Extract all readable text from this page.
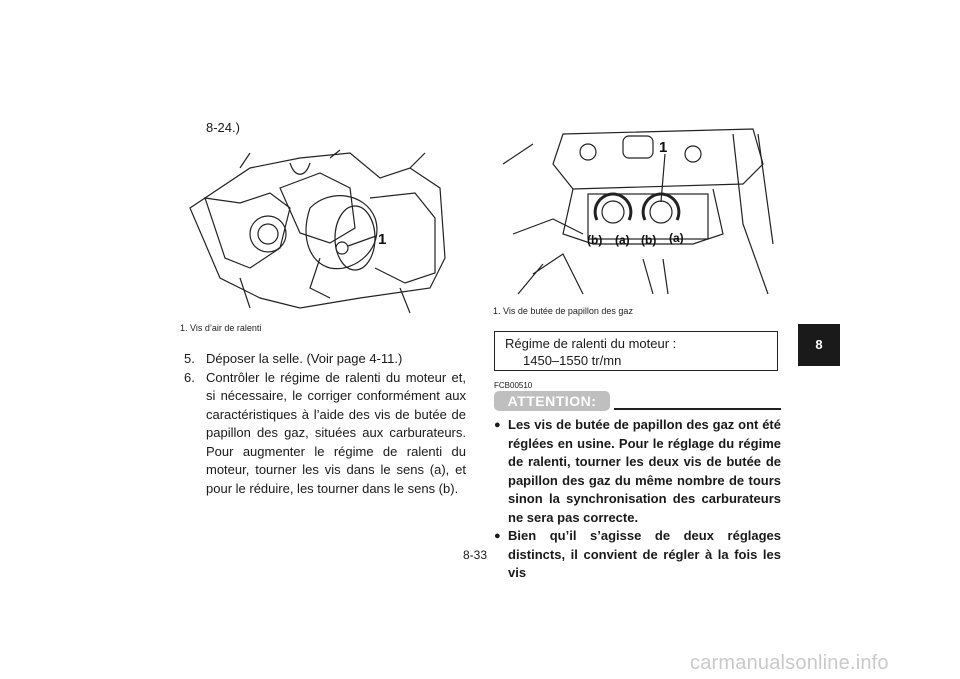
8-24.)
1
1. Vis d’air de ralenti
5. Déposer la selle. (Voir page 4-11.)
6. Contrôler le régime de ralenti du moteur et, si nécessaire, le corriger conformément aux caractéristiques à l’aide des vis de butée de papillon des gaz, situées aux carburateurs. Pour augmenter le régime de ralenti du moteur, tourner les vis dans le sens (a), et pour le réduire, les tourner dans le sens (b).
1
(b) (a) (b) (a)
1. Vis de butée de papillon des gaz
Régime de ralenti du moteur :
1450–1550 tr/mn
FCB00510
ATTENTION:
● Les vis de butée de papillon des gaz ont été réglées en usine. Pour le réglage du régime de ralenti, tourner les deux vis de butée de papillon des gaz du même nombre de tours sinon la synchronisation des carburateurs ne sera pas correcte.
● Bien qu’il s’agisse de deux réglages distincts, il convient de régler à la fois les vis
8
8-33
carmanualsonline.info
